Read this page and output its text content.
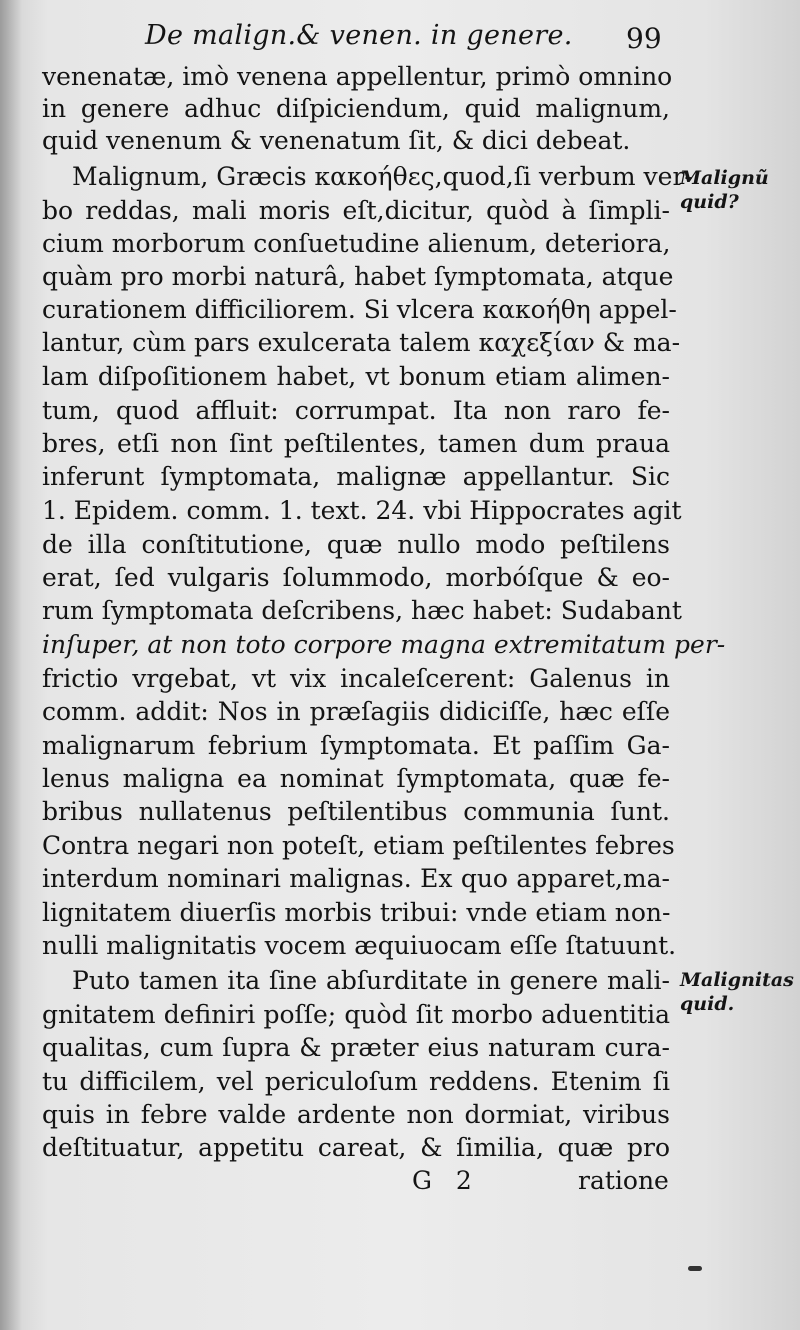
De malign.& venen. in genere. 99
venenatæ, imò venena appellentur, primò omnino
in genere adhuc diſpiciendum, quid malignum,
quid venenum & venenatum ſit, & dici debeat.
Malignum, Græcis κακοήθες,quod,ſi verbum ver-
bo reddas, mali moris eſt,dicitur, quòd à ſimpli-
cium morborum conſuetudine alienum, deteriora,
quàm pro morbi naturâ, habet ſymptomata, atque
curationem difficiliorem. Si vlcera κακοήθη appel-
lantur, cùm pars exulcerata talem καχεξίαν & ma-
lam diſpoſitionem habet, vt bonum etiam alimen-
tum, quod affluit: corrumpat. Ita non raro fe-
bres, etſi non ſint peſtilentes, tamen dum praua
inferunt ſymptomata, malignæ appellantur. Sic
1. Epidem. comm. 1. text. 24. vbi Hippocrates agit
de illa conſtitutione, quæ nullo modo peſtilens
erat, ſed vulgaris ſolummodo, morbóſque & eo-
rum ſymptomata deſcribens, hæc habet: Sudabant
inſuper, at non toto corpore magna extremitatum per-
frictio vrgebat, vt vix incaleſcerent: Galenus in
comm. addit: Nos in præſagiis didiciſſe, hæc eſſe
malignarum febrium ſymptomata. Et paſſim Ga-
lenus maligna ea nominat ſymptomata, quæ fe-
bribus nullatenus peſtilentibus communia ſunt.
Contra negari non poteſt, etiam peſtilentes febres
interdum nominari malignas. Ex quo apparet,ma-
lignitatem diuerſis morbis tribui: vnde etiam non-
nulli malignitatis vocem æquiuocam eſſe ſtatuunt.
Puto tamen ita ſine abſurditate in genere mali-
gnitatem definiri poſſe; quòd ſit morbo aduentitia
qualitas, cum ſupra & præter eius naturam cura-
tu difficilem, vel periculoſum reddens. Etenim ſi
quis in febre valde ardente non dormiat, viribus
deſtituatur, appetitu careat, & ſimilia, quæ pro
Malignũ quid?
Malignitas quid.
G 2	ratione
